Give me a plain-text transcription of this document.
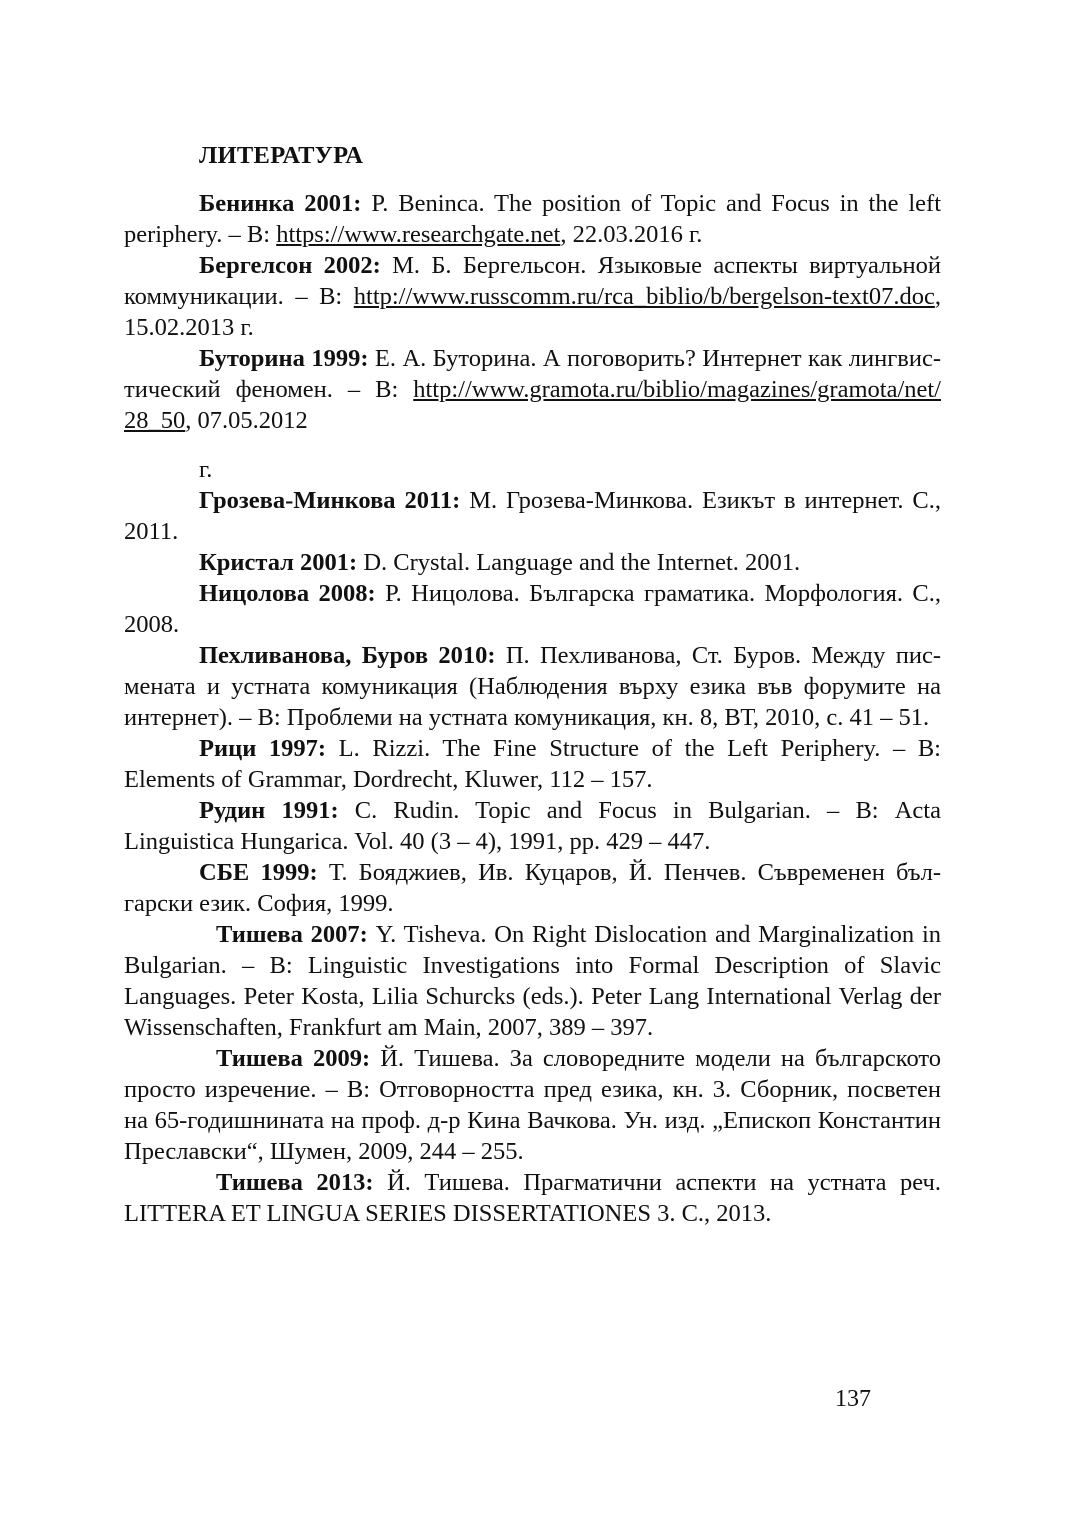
ЛИТЕРАТУРА

Бенинка 2001: P. Beninca. The position of Topic and Focus in the left periphery. – В: https://www.researchgate.net, 22.03.2016 г.

Бергелсон 2002: М. Б. Бергельсон. Языковые аспекты виртуальной коммуникации. – В: http://www.russcomm.ru/rca_biblio/b/bergelson-text07.doc, 15.02.2013 г.

Буторина 1999: Е. А. Буторина. А поговорить? Интернет как лингвистический феномен. – В: http://www.gramota.ru/biblio/magazines/gramota/net/ 28_50, 07.05.2012

г.

Грозева-Минкова 2011: М. Грозева-Минкова. Езикът в интернет. С., 2011.

Кристал 2001: D. Crystal. Language and the Internet. 2001.

Ницолова 2008: Р. Ницолова. Българска граматика. Морфология. С., 2008.

Пехливанова, Буров 2010: П. Пехливанова, Ст. Буров. Между писмената и устната комуникация (Наблюдения върху езика във форумите на интернет). – В: Проблеми на устната комуникация, кн. 8, ВТ, 2010, с. 41 – 51.

Рици 1997: L. Rizzi. The Fine Structure of the Left Periphery. – В: Elements of Grammar, Dordrecht, Kluwer, 112 – 157.

Рудин 1991: C. Rudin. Topic and Focus in Bulgarian. – В: Acta Linguistica Hungarica. Vol. 40 (3 – 4), 1991, pp. 429 – 447.

СБЕ 1999: Т. Бояджиев, Ив. Куцаров, Й. Пенчев. Съвременен български език. София, 1999.

Тишева 2007: Y. Tisheva. On Right Dislocation and Marginalization in Bulgarian. – В: Linguistic Investigations into Formal Description of Slavic Languages. Peter Kosta, Lilia Schurcks (eds.). Peter Lang International Verlag der Wissenschaften, Frankfurt am Main, 2007, 389 – 397.

Тишева 2009: Й. Тишева. За словоредните модели на българското просто изречение. – В: Отговорността пред езика, кн. 3. Сборник, посветен на 65-годишнината на проф. д-р Кина Вачкова. Ун. изд. „Епископ Константин Преславски“, Шумен, 2009, 244 – 255.

Тишева 2013: Й. Тишева. Прагматични аспекти на устната реч. LITTERA ET LINGUA SERIES DISSERTATIONES 3. С., 2013.

137
